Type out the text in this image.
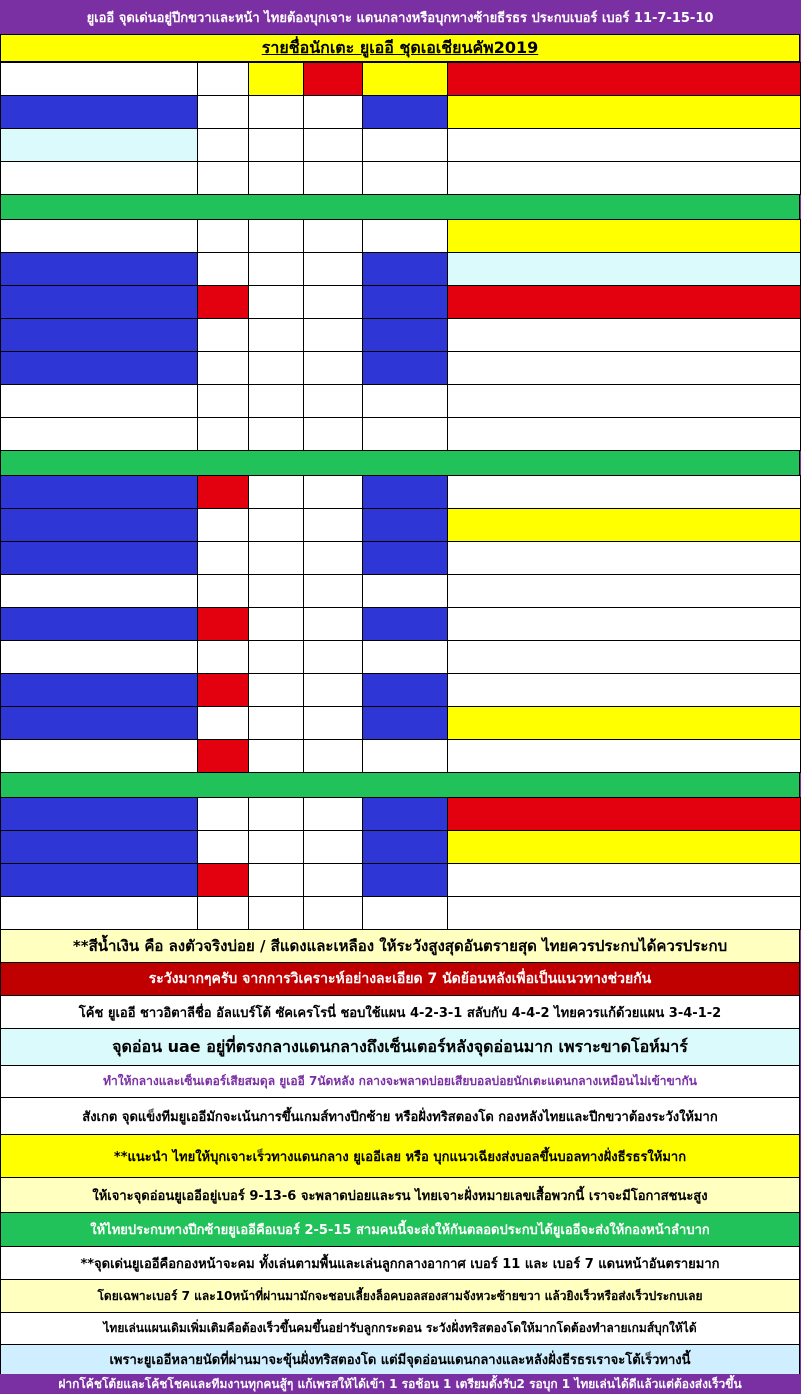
ยูเออี จุดเด่นอยู่ปีกขวาและหน้า ไทยต้องบุกเจาะ แดนกลางหรือบุกทางซ้ายธีรธร ประกบเบอร์ เบอร์ 11-7-15-10
รายชื่อนักเตะ ยูเออี ชุดเอเชียนคัพ2019
**สีน้ำเงิน คือ ลงตัวจริงบ่อย / สีแดงและเหลือง ให้ระวังสูงสุดอันตรายสุด ไทยควรประกบได้ควรประกบ
ระวังมากๆครับ จากการวิเคราะห์อย่างละเอียด 7 นัดย้อนหลังเพื่อเป็นแนวทางช่วยกัน
โค้ช ยูเออี ชาวอิตาลีชื่อ อัลแบร์โต้ ซัคเครโรนี่ ชอบใช้แผน 4-2-3-1 สลับกับ 4-4-2 ไทยควรแก้ด้วยแผน 3-4-1-2
จุดอ่อน uae อยู่ที่ตรงกลางแดนกลางถึงเซ็นเตอร์หลังจุดอ่อนมาก เพราะขาดโอห์มาร์
ทำให้กลางและเซ็นเตอร์เสียสมดุล ยูเออี 7นัดหลัง กลางจะพลาดบ่อยเสียบอลบ่อยนักเตะแดนกลางเหมือนไม่เข้าขากัน
สังเกต จุดแข็งทีมยูเออีมักจะเน้นการขึ้นเกมส์ทางปีกซ้าย หรือฝั่งทริสตองโด กองหลังไทยและปีกขวาต้องระวังให้มาก
**แนะนำ ไทยให้บุกเจาะเร็วทางแดนกลาง ยูเออีเลย หรือ บุกแนวเฉียงส่งบอลขึ้นบอลทางฝั่งธีรธรให้มาก
ให้เจาะจุดอ่อนยูเออีอยู่เบอร์ 9-13-6 จะพลาดบ่อยและรน ไทยเจาะฝั่งหมายเลขเสื้อพวกนี้ เราจะมีโอกาสชนะสูง
ให้ไทยประกบทางปีกซ้ายยูเออีคือเบอร์ 2-5-15 สามคนนี้จะส่งให้กันตลอดประกบได้ยูเออีจะส่งให้กองหน้าลำบาก
**จุดเด่นยูเออีคือกองหน้าจะคม ทั้งเล่นตามพื้นและเล่นลูกกลางอากาศ เบอร์ 11 และ เบอร์ 7 แดนหน้าอันตรายมาก
โดยเฉพาะเบอร์ 7 และ10หน้าที่ผ่านมามักจะชอบเลี้ยงล็อคบอลสองสามจังหวะซ้ายขวา แล้วยิงเร็วหรือส่งเร็วประกบเลย
ไทยเล่นแผนเดิมเพิ่มเติมคือต้องเร็วขึ้นคมขึ้นอย่ารับลูกกระดอน ระวังฝั่งทริสตองโดให้มากโดต้องทำลายเกมส์บุกให้ได้
เพราะยูเออีหลายนัดที่ผ่านมาจะขุ้นฝั่งทริสตองโด แต่มีจุดอ่อนแดนกลางและหลังฝั่งธีรธรเราจะโต้เร็วทางนี้
ฝากโค้ชโต้ยและโค้ชโชคและทีมงานทุกคนสู้ๆ แก้เพรสให้ได้เข้า 1 รอช้อน 1 เตรียมตั้งรับ2 รอบุก 1 ไทยเล่นได้ดีแล้วแต่ต้องส่งเร็วขึ้น
